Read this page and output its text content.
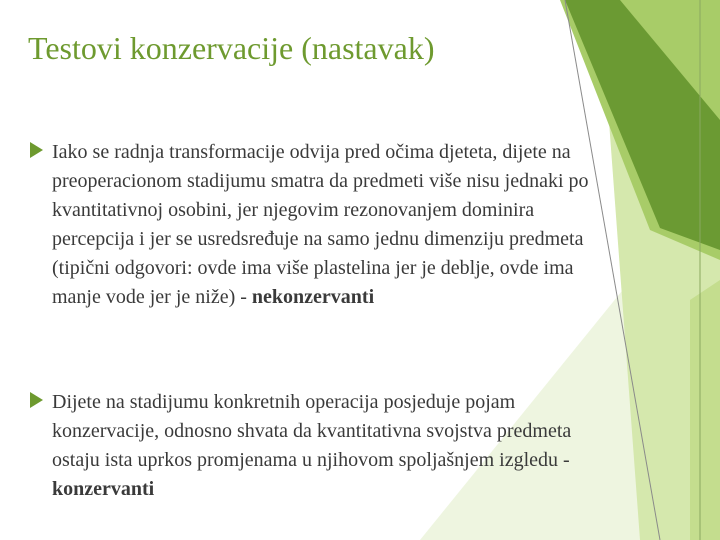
Testovi konzervacije (nastavak)
Iako se radnja transformacije odvija pred očima djeteta, dijete na preoperacionom stadijumu smatra da predmeti više nisu jednaki po kvantitativnoj osobini, jer njegovim rezonovanjem dominira percepcija i jer se usredsređuje na samo jednu dimenziju predmeta (tipični odgovori: ovde ima više plastelina jer je deblje, ovde ima manje vode jer je niže) - nekonzervanti
Dijete na stadijumu konkretnih operacija posjeduje pojam konzervacije, odnosno shvata da kvantitativna svojstva predmeta ostaju ista uprkos promjenama u njihovom spoljašnjem izgledu - konzervanti
